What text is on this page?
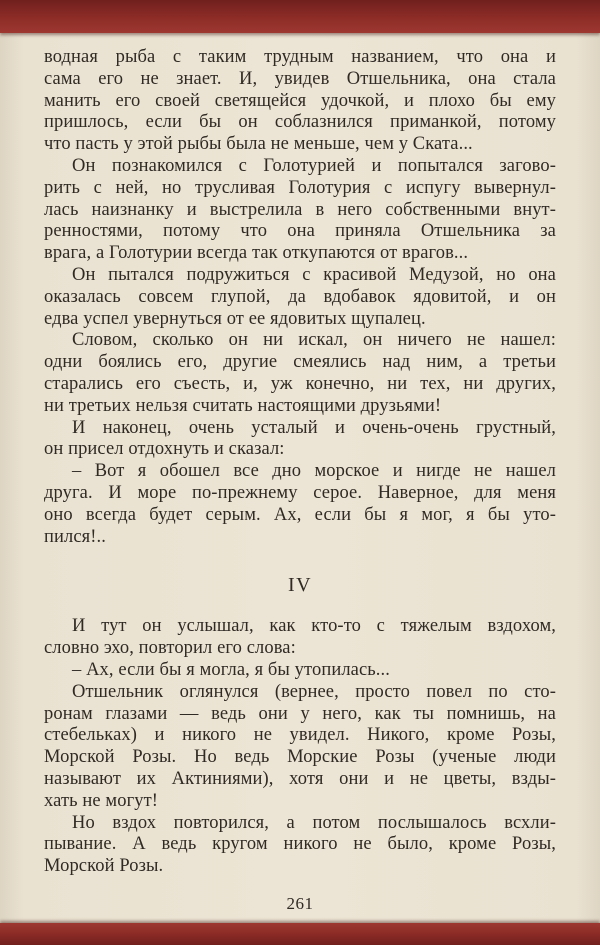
водная рыба с таким трудным названием, что она и
сама его не знает. И, увидев Отшельника, она стала
манить его своей светящейся удочкой, и плохо бы ему
пришлось, если бы он соблазнился приманкой, потому
что пасть у этой рыбы была не меньше, чем у Ската...
Он познакомился с Голотурией и попытался загово-
рить с ней, но трусливая Голотурия с испугу вывернул-
лась наизнанку и выстрелила в него собственными внут-
ренностями, потому что она приняла Отшельника за
врага, а Голотурии всегда так откупаются от врагов...
Он пытался подружиться с красивой Медузой, но она
оказалась совсем глупой, да вдобавок ядовитой, и он
едва успел увернуться от ее ядовитых щупалец.
Словом, сколько он ни искал, он ничего не нашел:
одни боялись его, другие смеялись над ним, а третьи
старались его съесть, и, уж конечно, ни тех, ни других,
ни третьих нельзя считать настоящими друзьями!
И наконец, очень усталый и очень-очень грустный,
он присел отдохнуть и сказал:
– Вот я обошел все дно морское и нигде не нашел
друга. И море по-прежнему серое. Наверное, для меня
оно всегда будет серым. Ах, если бы я мог, я бы уто-
пился!..
IV
И тут он услышал, как кто-то с тяжелым вздохом,
словно эхо, повторил его слова:
– Ах, если бы я могла, я бы утопилась...
Отшельник оглянулся (вернее, просто повел по сто-
ронам глазами — ведь они у него, как ты помнишь, на
стебельках) и никого не увидел. Никого, кроме Розы,
Морской Розы. Но ведь Морские Розы (ученые люди
называют их Актиниями), хотя они и не цветы, взды-
хать не могут!
Но вздох повторился, а потом послышалось всхли-
пывание. А ведь кругом никого не было, кроме Розы,
Морской Розы.
261
